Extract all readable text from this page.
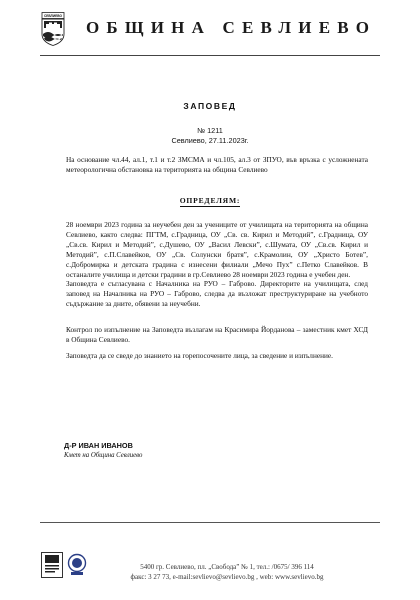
СЕВЛИЕВО
ОБЩИНА СЕВЛИЕВО
ЗАПОВЕД
№ 1211
Севлиево, 27.11.2023г.

На основание чл.44, ал.1, т.1 и т.2 ЗМСМА и чл.105, ал.3 от ЗПУО, във връзка с усложнената метеорологична обстановка на територията на община Севлиево

ОПРЕДЕЛЯМ:

28 ноември 2023 година за неучебен ден за учениците от училищата на територията на община Севлиево, както следва: ПГТМ, с.Градница, ОУ „Св. св. Кирил и Методий”, с.Градница, ОУ „Св.св. Кирил и Методий”, с.Душево, ОУ „Васил Левски”, с.Шумата, ОУ „Св.св. Кирил и Методий”, с.П.Славейков, ОУ „Св. Солунски братя”, с.Крамолин, ОУ „Христо Ботев”, с.Добромирка и детската градина с изнесени филиали „Мечо Пух” с.Петко Славейков. В останалите училища и детски градини в гр.Севлиево 28 ноември 2023 година е учебен ден.

Заповедта е съгласувана с Началника на РУО – Габрово. Директорите на училищата, след заповед на Началника на РУО – Габрово, следва да възложат преструктуриране на учебното съдържание за дните, обявени за неучебни.

Контрол по изпълнение на Заповедта възлагам на Красимира Йорданова – заместник кмет ХСД в Община Севлиево.

Заповедта да се сведе до знанието на горепосочените лица, за сведение и изпълнение.

Д-Р ИВАН ИВАНОВ
Кмет на Община Севлиево
5400 гр. Севлиево, пл. „Свобода” № 1, тел.: /0675/ 396 114
факс: 3 27 73, e-mail:sevlievo@sevlievo.bg , web: www.sevlievo.bg
